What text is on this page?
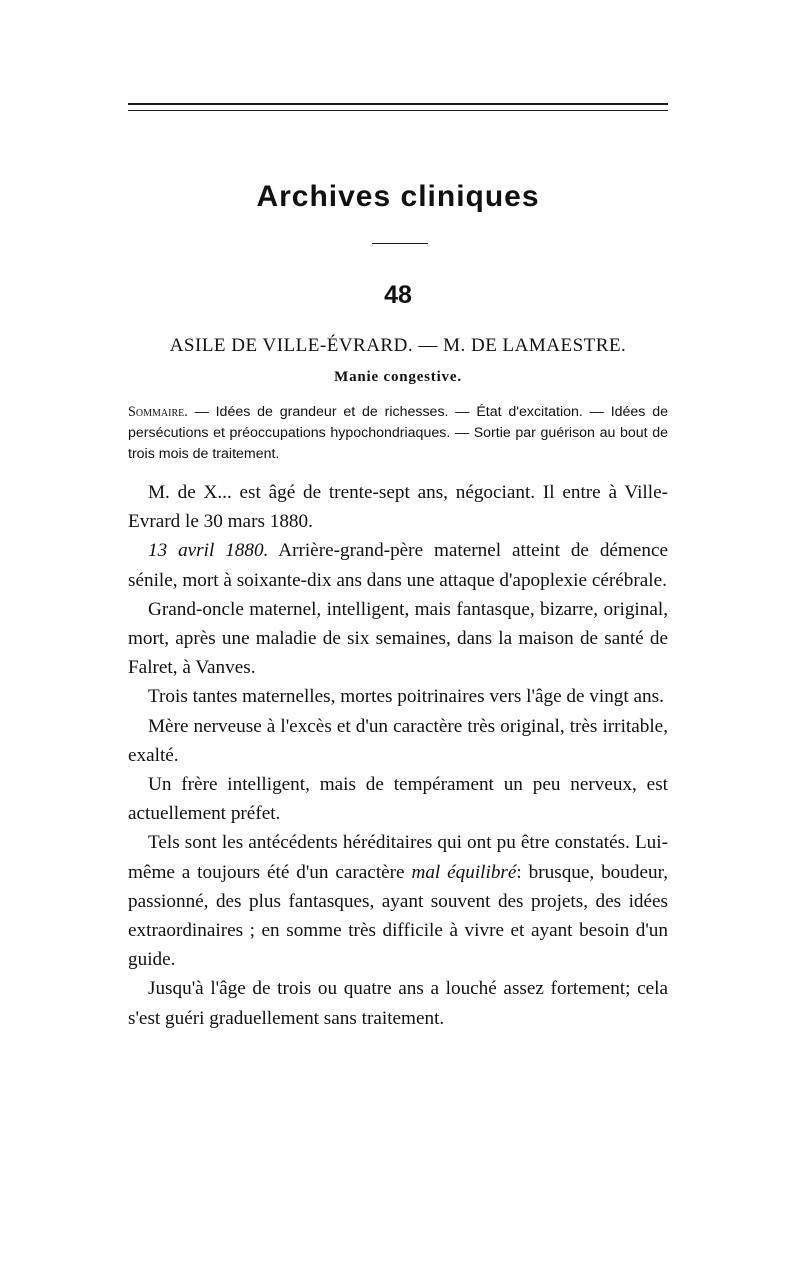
Archives cliniques
48
ASILE DE VILLE-ÉVRARD. — M. DE LAMAESTRE.
Manie congestive.

Sommaire. — Idées de grandeur et de richesses. — État d'excitation. — Idées de persécutions et préoccupations hypochondriaques. — Sortie par guérison au bout de trois mois de traitement.

M. de X... est âgé de trente-sept ans, négociant. Il entre à Ville-Evrard le 30 mars 1880.

13 avril 1880. Arrière-grand-père maternel atteint de démence sénile, mort à soixante-dix ans dans une attaque d'apoplexie cérébrale.

Grand-oncle maternel, intelligent, mais fantasque, bizarre, original, mort, après une maladie de six semaines, dans la maison de santé de Falret, à Vanves.

Trois tantes maternelles, mortes poitrinaires vers l'âge de vingt ans.

Mère nerveuse à l'excès et d'un caractère très original, très irritable, exalté.

Un frère intelligent, mais de tempérament un peu nerveux, est actuellement préfet.

Tels sont les antécédents héréditaires qui ont pu être constatés. Lui-même a toujours été d'un caractère mal équilibré: brusque, boudeur, passionné, des plus fantasques, ayant souvent des projets, des idées extraordinaires ; en somme très difficile à vivre et ayant besoin d'un guide.

Jusqu'à l'âge de trois ou quatre ans a louché assez fortement; cela s'est guéri graduellement sans traitement.
